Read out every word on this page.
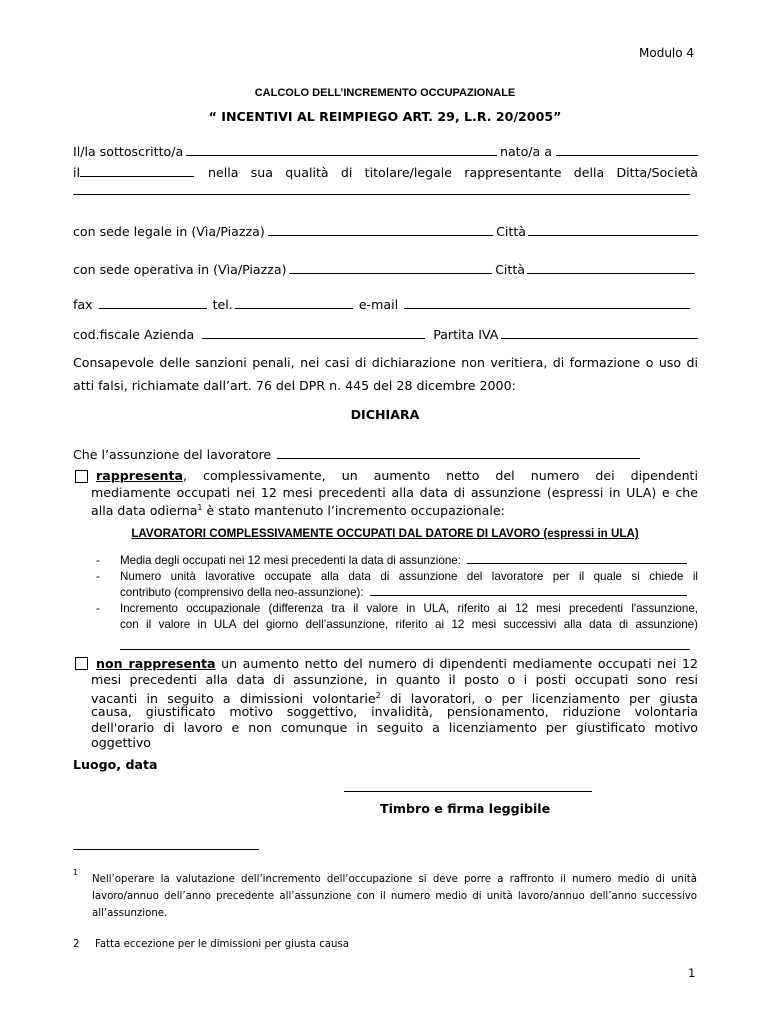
Modulo 4
CALCOLO DELL’INCREMENTO OCCUPAZIONALE
“ INCENTIVI AL REIMPIEGO ART. 29, L.R. 20/2005”
Il/la sottoscritto/a	nato/a a
il	nella sua qualità di titolare/legale rappresentante della Ditta/Società
con sede legale in (Vìa/Piazza)	Città
con sede operativa in (Vìa/Piazza)	Città
fax	tel.	e-mail
cod.fiscale Azienda	Partita IVA
Consapevole delle sanzioni penali, nei casi di dichiarazione non veritiera, di formazione o uso di
atti falsi, richiamate dall’art. 76 del DPR n. 445 del 28 dicembre 2000:
DICHIARA
Che l’assunzione del lavoratore
rappresenta, complessivamente, un aumento netto del numero dei dipendenti
mediamente occupati nei 12 mesi precedenti alla data di assunzione (espressi in ULA) e che
alla data odierna$^1$ è stato mantenuto l’incremento occupazionale:
LAVORATORI COMPLESSIVAMENTE OCCUPATI DAL DATORE DI LAVORO (espressi in ULA)
- Media degli occupati nei 12 mesi precedenti la data di assunzione:
- Numero unità lavorative occupate alla data di assunzione del lavoratore per il quale si chiede il
contributo (comprensivo della neo-assunzione):
- Incremento occupazionale (differenza tra il valore in ULA, riferito ai 12 mesi precedenti l'assunzione,
con il valore in ULA del giorno dell’assunzione, riferito ai 12 mesi successivi alla data di assunzione)
non rappresenta un aumento netto del numero di dipendenti mediamente occupati nei 12
mesi precedenti alla data di assunzione, in quanto il posto o i posti occupati sono resi
vacanti in seguito a dimissioni volontarie$^2$ di lavoratori, o per licenziamento per giusta
causa, giustificato motivo soggettivo, invalidità, pensionamento, riduzione volontaria
dell'orario di lavoro e non comunque in seguito a licenziamento per giustificato motivo
oggettivo
Luogo, data
Timbro e firma leggibile
1
Nell’operare la valutazione dell’incremento dell’occupazione si deve porre a raffronto il numero medio di unità
lavoro/annuo dell’anno precedente all’assunzione con il numero medio di unità lavoro/annuo dell’anno successivo
all’assunzione.
2 Fatta eccezione per le dimissioni per giusta causa
1
